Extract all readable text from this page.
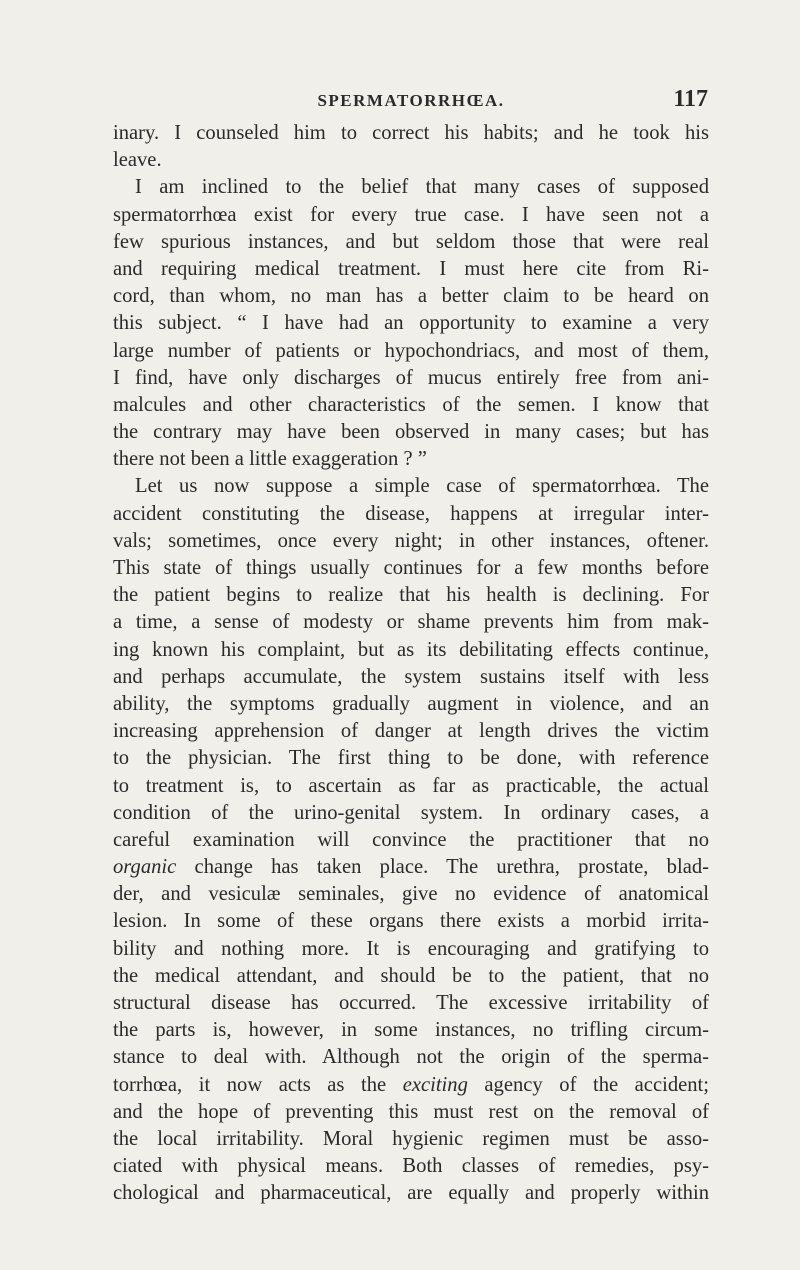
SPERMATORRHŒA.	117
inary. I counseled him to correct his habits; and he took his
leave.
I am inclined to the belief that many cases of supposed
spermatorrhœa exist for every true case. I have seen not a
few spurious instances, and but seldom those that were real
and requiring medical treatment. I must here cite from Ri-
cord, than whom, no man has a better claim to be heard on
this subject. “ I have had an opportunity to examine a very
large number of patients or hypochondriacs, and most of them,
I find, have only discharges of mucus entirely free from ani-
malcules and other characteristics of the semen. I know that
the contrary may have been observed in many cases; but has
there not been a little exaggeration ? ”
Let us now suppose a simple case of spermatorrhœa. The
accident constituting the disease, happens at irregular inter-
vals; sometimes, once every night; in other instances, oftener.
This state of things usually continues for a few months before
the patient begins to realize that his health is declining. For
a time, a sense of modesty or shame prevents him from mak-
ing known his complaint, but as its debilitating effects continue,
and perhaps accumulate, the system sustains itself with less
ability, the symptoms gradually augment in violence, and an
increasing apprehension of danger at length drives the victim
to the physician. The first thing to be done, with reference
to treatment is, to ascertain as far as practicable, the actual
condition of the urino-genital system. In ordinary cases, a
careful examination will convince the practitioner that no
organic change has taken place. The urethra, prostate, blad-
der, and vesiculæ seminales, give no evidence of anatomical
lesion. In some of these organs there exists a morbid irrita-
bility and nothing more. It is encouraging and gratifying to
the medical attendant, and should be to the patient, that no
structural disease has occurred. The excessive irritability of
the parts is, however, in some instances, no trifling circum-
stance to deal with. Although not the origin of the sperma-
torrhœa, it now acts as the exciting agency of the accident;
and the hope of preventing this must rest on the removal of
the local irritability. Moral hygienic regimen must be asso-
ciated with physical means. Both classes of remedies, psy-
chological and pharmaceutical, are equally and properly within
